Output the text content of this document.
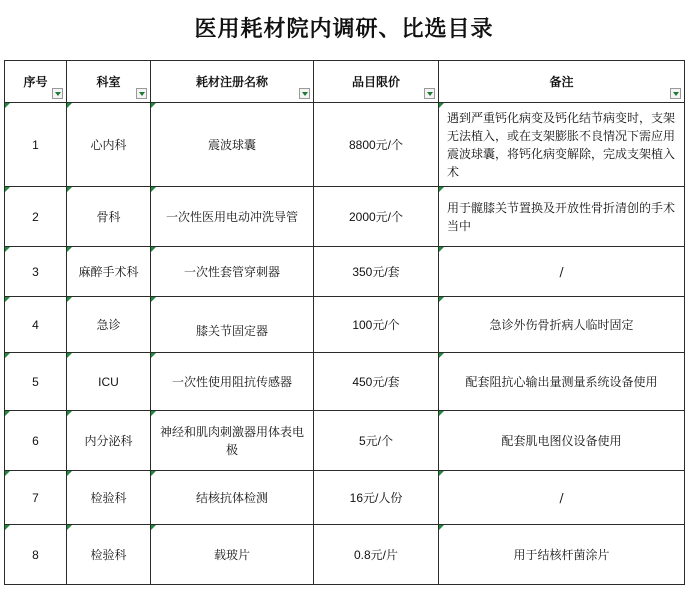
医用耗材院内调研、比选目录
序号	科室	耗材注册名称	品目限价	备注

1	心内科	震波球囊	8800元/个	遇到严重钙化病变及钙化结节病变时，支架无法植入，或在支架膨胀不良情况下需应用震波球囊，将钙化病变解除，完成支架植入术

2	骨科	一次性医用电动冲洗导管	2000元/个	用于髋膝关节置换及开放性骨折清创的手术当中

3	麻醉手术科	一次性套管穿刺器	350元/套	/

4	急诊	膝关节固定器	100元/个	急诊外伤骨折病人临时固定

5	ICU	一次性使用阻抗传感器	450元/套	配套阻抗心输出量测量系统设备使用

6	内分泌科	神经和肌肉刺激器用体表电极	5元/个	配套肌电图仪设备使用

7	检验科	结核抗体检测	16元/人份	/

8	检验科	载玻片	0.8元/片	用于结核杆菌涂片
